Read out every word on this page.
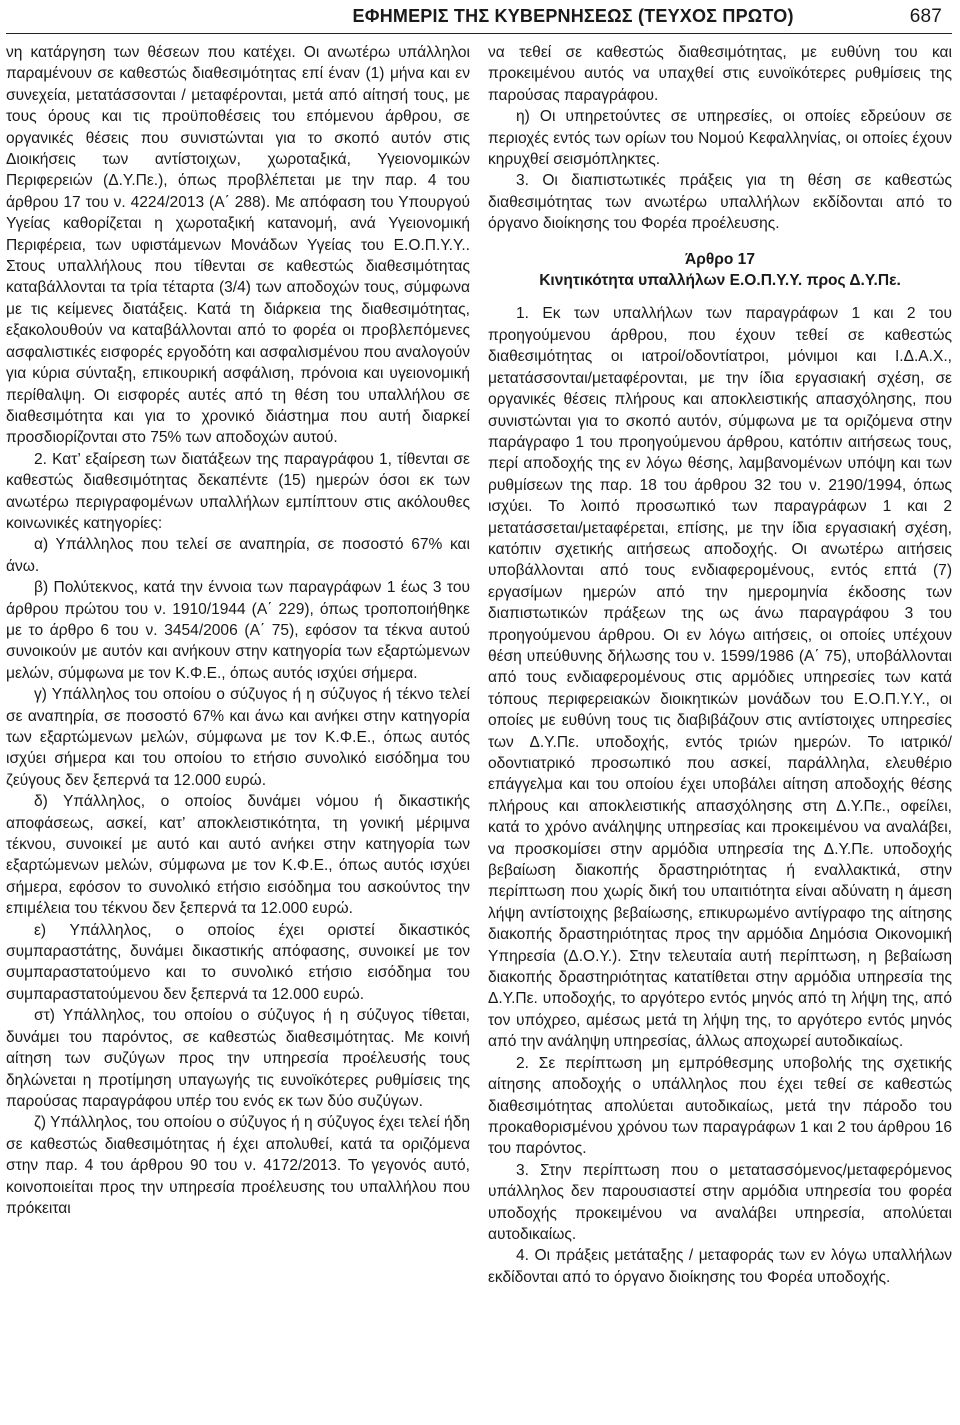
ΕΦΗΜΕΡΙΣ ΤΗΣ ΚΥΒΕΡΝΗΣΕΩΣ (ΤΕΥΧΟΣ ΠΡΩΤΟ)	687

νη κατάργηση των θέσεων που κατέχει. Οι ανωτέρω υπάλληλοι παραμένουν σε καθεστώς διαθεσιμότητας επί έναν (1) μήνα και εν συνεχεία, μετατάσσονται / μεταφέρονται, μετά από αίτησή τους, με τους όρους και τις προϋποθέσεις του επόμενου άρθρου, σε οργανικές θέσεις που συνιστώνται για το σκοπό αυτόν στις Διοικήσεις των αντίστοιχων, χωροταξικά, Υγειονομικών Περιφερειών (Δ.Υ.Πε.), όπως προβλέπεται με την παρ. 4 του άρθρου 17 του ν. 4224/2013 (Α΄ 288). Με απόφαση του Υπουργού Υγείας καθορίζεται η χωροταξική κατανομή, ανά Υγειονομική Περιφέρεια, των υφιστάμενων Μονάδων Υγείας του Ε.Ο.Π.Υ.Υ.. Στους υπαλλήλους που τίθενται σε καθεστώς διαθεσιμότητας καταβάλλονται τα τρία τέταρτα (3/4) των αποδοχών τους, σύμφωνα με τις κείμενες διατάξεις. Κατά τη διάρκεια της διαθεσιμότητας, εξακολουθούν να καταβάλλονται από το φορέα οι προβλεπόμενες ασφαλιστικές εισφορές εργοδότη και ασφαλισμένου που αναλογούν για κύρια σύνταξη, επικουρική ασφάλιση, πρόνοια και υγειονομική περίθαλψη. Οι εισφορές αυτές από τη θέση του υπαλλήλου σε διαθεσιμότητα και για το χρονικό διάστημα που αυτή διαρκεί προσδιορίζονται στο 75% των αποδοχών αυτού.

2. Κατ’ εξαίρεση των διατάξεων της παραγράφου 1, τίθενται σε καθεστώς διαθεσιμότητας δεκαπέντε (15) ημερών όσοι εκ των ανωτέρω περιγραφομένων υπαλλήλων εμπίπτουν στις ακόλουθες κοινωνικές κατηγορίες:

α) Υπάλληλος που τελεί σε αναπηρία, σε ποσοστό 67% και άνω.

β) Πολύτεκνος, κατά την έννοια των παραγράφων 1 έως 3 του άρθρου πρώτου του ν. 1910/1944 (Α΄ 229), όπως τροποποιήθηκε με το άρθρο 6 του ν. 3454/2006 (Α΄ 75), εφόσον τα τέκνα αυτού συνοικούν με αυτόν και ανήκουν στην κατηγορία των εξαρτώμενων μελών, σύμφωνα με τον Κ.Φ.Ε., όπως αυτός ισχύει σήμερα.

γ) Υπάλληλος του οποίου ο σύζυγος ή η σύζυγος ή τέκνο τελεί σε αναπηρία, σε ποσοστό 67% και άνω και ανήκει στην κατηγορία των εξαρτώμενων μελών, σύμφωνα με τον Κ.Φ.Ε., όπως αυτός ισχύει σήμερα και του οποίου το ετήσιο συνολικό εισόδημα του ζεύγους δεν ξεπερνά τα 12.000 ευρώ.

δ) Υπάλληλος, ο οποίος δυνάμει νόμου ή δικαστικής αποφάσεως, ασκεί, κατ’ αποκλειστικότητα, τη γονική μέριμνα τέκνου, συνοικεί με αυτό και αυτό ανήκει στην κατηγορία των εξαρτώμενων μελών, σύμφωνα με τον Κ.Φ.Ε., όπως αυτός ισχύει σήμερα, εφόσον το συνολικό ετήσιο εισόδημα του ασκούντος την επιμέλεια του τέκνου δεν ξεπερνά τα 12.000 ευρώ.

ε) Υπάλληλος, ο οποίος έχει οριστεί δικαστικός συμπαραστάτης, δυνάμει δικαστικής απόφασης, συνοικεί με τον συμπαραστατούμενο και το συνολικό ετήσιο εισόδημα του συμπαραστατούμενου δεν ξεπερνά τα 12.000 ευρώ.

στ) Υπάλληλος, του οποίου ο σύζυγος ή η σύζυγος τίθεται, δυνάμει του παρόντος, σε καθεστώς διαθεσιμότητας. Με κοινή αίτηση των συζύγων προς την υπηρεσία προέλευσής τους δηλώνεται η προτίμηση υπαγωγής τις ευνοϊκότερες ρυθμίσεις της παρούσας παραγράφου υπέρ του ενός εκ των δύο συζύγων.

ζ) Υπάλληλος, του οποίου ο σύζυγος ή η σύζυγος έχει τελεί ήδη σε καθεστώς διαθεσιμότητας ή έχει απολυθεί, κατά τα οριζόμενα στην παρ. 4 του άρθρου 90 του ν. 4172/2013. Το γεγονός αυτό, κοινοποιείται προς την υπηρεσία προέλευσης του υπαλλήλου που πρόκειται

να τεθεί σε καθεστώς διαθεσιμότητας, με ευθύνη του και προκειμένου αυτός να υπαχθεί στις ευνοϊκότερες ρυθμίσεις της παρούσας παραγράφου.

η) Οι υπηρετούντες σε υπηρεσίες, οι οποίες εδρεύουν σε περιοχές εντός των ορίων του Νομού Κεφαλληνίας, οι οποίες έχουν κηρυχθεί σεισμόπληκτες.

3. Οι διαπιστωτικές πράξεις για τη θέση σε καθεστώς διαθεσιμότητας των ανωτέρω υπαλλήλων εκδίδονται από το όργανο διοίκησης του Φορέα προέλευσης.

Άρθρο 17
Κινητικότητα υπαλλήλων Ε.Ο.Π.Υ.Υ. προς Δ.Υ.Πε.

1. Εκ των υπαλλήλων των παραγράφων 1 και 2 του προηγούμενου άρθρου, που έχουν τεθεί σε καθεστώς διαθεσιμότητας οι ιατροί/οδοντίατροι, μόνιμοι και Ι.Δ.Α.Χ., μετατάσσονται/μεταφέρονται, με την ίδια εργασιακή σχέση, σε οργανικές θέσεις πλήρους και αποκλειστικής απασχόλησης, που συνιστώνται για το σκοπό αυτόν, σύμφωνα με τα οριζόμενα στην παράγραφο 1 του προηγούμενου άρθρου, κατόπιν αιτήσεως τους, περί αποδοχής της εν λόγω θέσης, λαμβανομένων υπόψη και των ρυθμίσεων της παρ. 18 του άρθρου 32 του ν. 2190/1994, όπως ισχύει. Το λοιπό προσωπικό των παραγράφων 1 και 2 μετατάσσεται/μεταφέρεται, επίσης, με την ίδια εργασιακή σχέση, κατόπιν σχετικής αιτήσεως αποδοχής. Οι ανωτέρω αιτήσεις υποβάλλονται από τους ενδιαφερομένους, εντός επτά (7) εργασίμων ημερών από την ημερομηνία έκδοσης των διαπιστωτικών πράξεων της ως άνω παραγράφου 3 του προηγούμενου άρθρου. Οι εν λόγω αιτήσεις, οι οποίες υπέχουν θέση υπεύθυνης δήλωσης του ν. 1599/1986 (Α΄ 75), υποβάλλονται από τους ενδιαφερομένους στις αρμόδιες υπηρεσίες των κατά τόπους περιφερειακών διοικητικών μονάδων του Ε.Ο.Π.Υ.Υ., οι οποίες με ευθύνη τους τις διαβιβάζουν στις αντίστοιχες υπηρεσίες των Δ.Υ.Πε. υποδοχής, εντός τριών ημερών. Το ιατρικό/οδοντιατρικό προσωπικό που ασκεί, παράλληλα, ελευθέριο επάγγελμα και του οποίου έχει υποβάλει αίτηση αποδοχής θέσης πλήρους και αποκλειστικής απασχόλησης στη Δ.Υ.Πε., οφείλει, κατά το χρόνο ανάληψης υπηρεσίας και προκειμένου να αναλάβει, να προσκομίσει στην αρμόδια υπηρεσία της Δ.Υ.Πε. υποδοχής βεβαίωση διακοπής δραστηριότητας ή εναλλακτικά, στην περίπτωση που χωρίς δική του υπαιτιότητα είναι αδύνατη η άμεση λήψη αντίστοιχης βεβαίωσης, επικυρωμένο αντίγραφο της αίτησης διακοπής δραστηριότητας προς την αρμόδια Δημόσια Οικονομική Υπηρεσία (Δ.Ο.Υ.). Στην τελευταία αυτή περίπτωση, η βεβαίωση διακοπής δραστηριότητας κατατίθεται στην αρμόδια υπηρεσία της Δ.Υ.Πε. υποδοχής, το αργότερο εντός μηνός από τη λήψη της, από τον υπόχρεο, αμέσως μετά τη λήψη της, το αργότερο εντός μηνός από την ανάληψη υπηρεσίας, άλλως αποχωρεί αυτοδικαίως.

2. Σε περίπτωση μη εμπρόθεσμης υποβολής της σχετικής αίτησης αποδοχής ο υπάλληλος που έχει τεθεί σε καθεστώς διαθεσιμότητας απολύεται αυτοδικαίως, μετά την πάροδο του προκαθορισμένου χρόνου των παραγράφων 1 και 2 του άρθρου 16 του παρόντος.

3. Στην περίπτωση που ο μετατασσόμενος/μεταφερόμενος υπάλληλος δεν παρουσιαστεί στην αρμόδια υπηρεσία του φορέα υποδοχής προκειμένου να αναλάβει υπηρεσία, απολύεται αυτοδικαίως.

4. Οι πράξεις μετάταξης / μεταφοράς των εν λόγω υπαλλήλων εκδίδονται από το όργανο διοίκησης του Φορέα υποδοχής.
